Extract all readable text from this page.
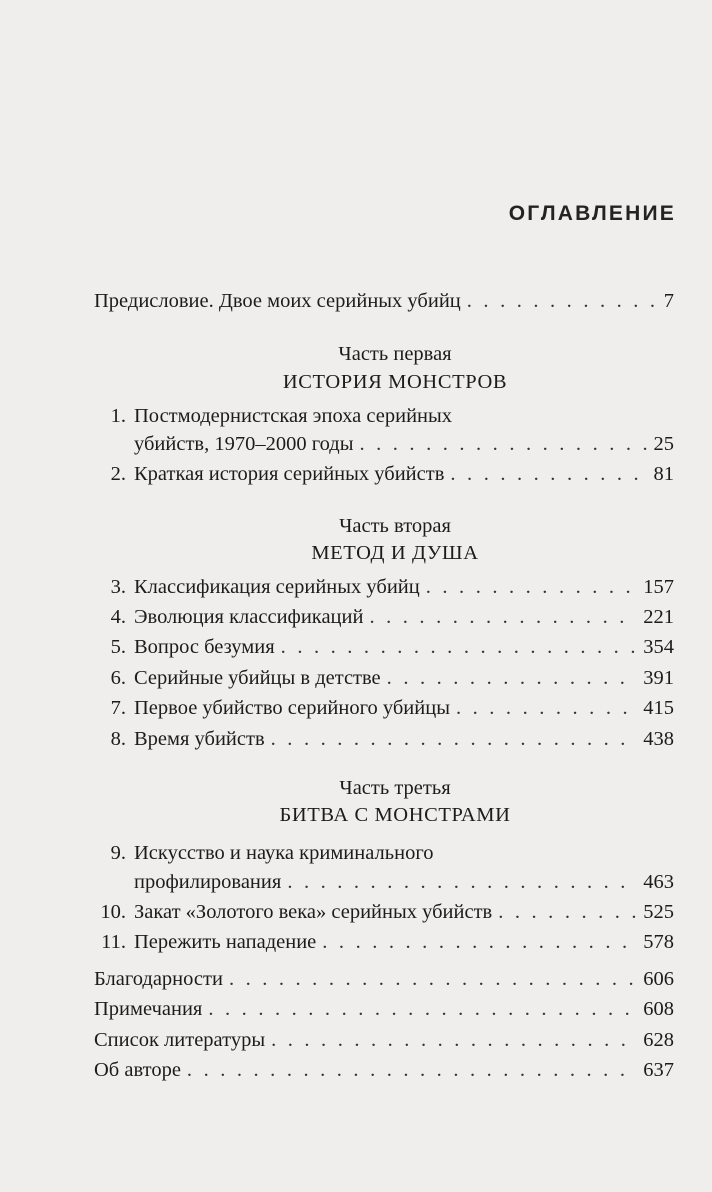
ОГЛАВЛЕНИЕ
Предисловие. Двое моих серийных убийц . . .	7
Часть первая
ИСТОРИЯ МОНСТРОВ
1. Постмодернистская эпоха серийных
убийств, 1970–2000 годы . . .	25
2. Краткая история серийных убийств . . .	81
Часть вторая
МЕТОД И ДУША
3. Классификация серийных убийц . . .	157
4. Эволюция классификаций . . .	221
5. Вопрос безумия . . .	354
6. Серийные убийцы в детстве . . .	391
7. Первое убийство серийного убийцы . . .	415
8. Время убийств . . .	438
Часть третья
БИТВА С МОНСТРАМИ
9. Искусство и наука криминального
профилирования . . .	463
10. Закат «Золотого века» серийных убийств . . .	525
11. Пережить нападение . . .	578
Благодарности . . .	606
Примечания . . .	608
Список литературы . . .	628
Об авторе . . .	637
